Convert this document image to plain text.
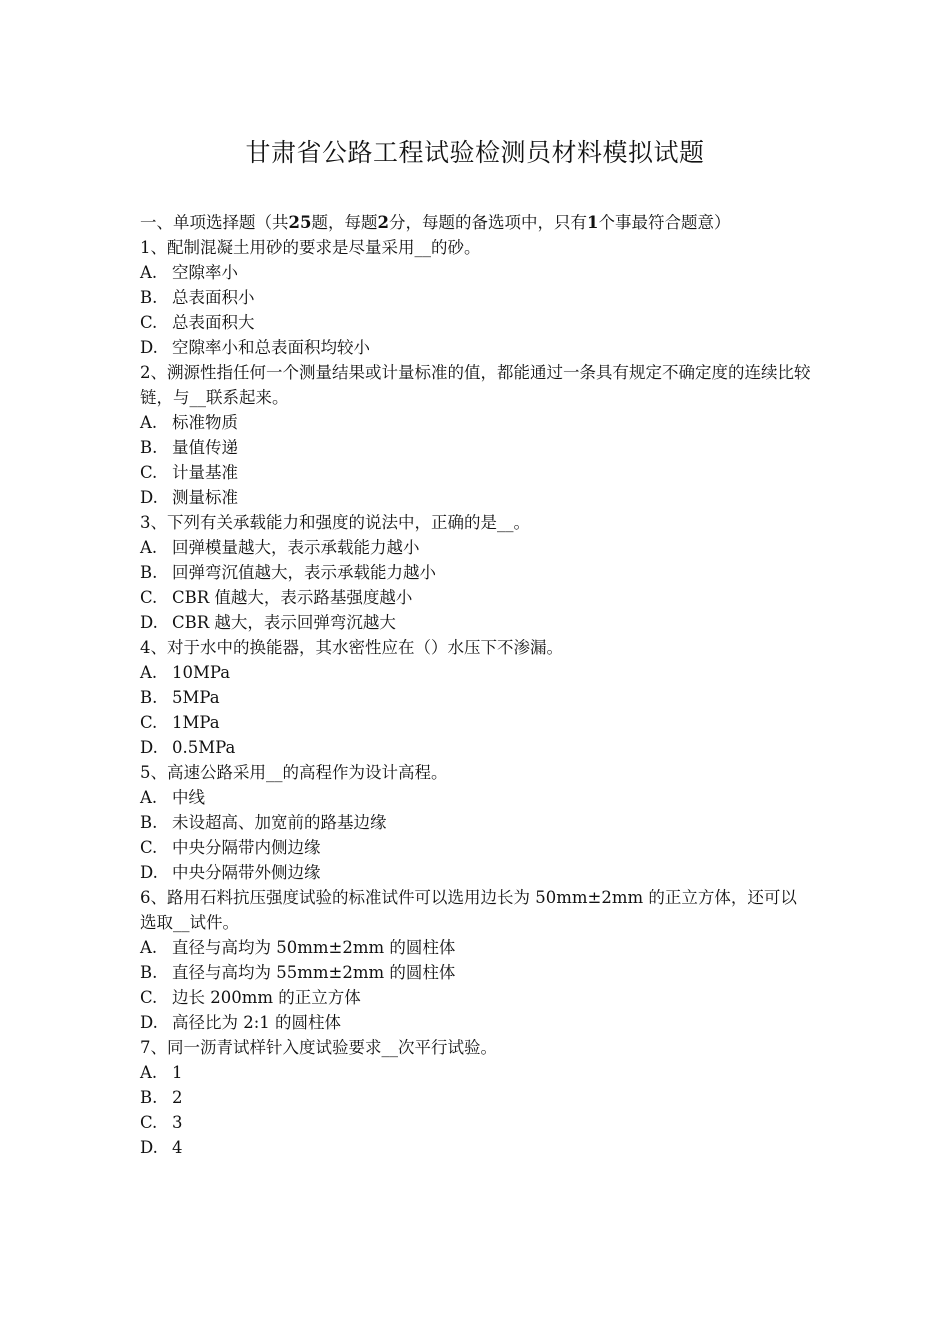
甘肃省公路工程试验检测员材料模拟试题

一、单项选择题（共25题，每题2分，每题的备选项中，只有1个事最符合题意）

1、配制混凝土用砂的要求是尽量采用__的砂。

A. 空隙率小

B. 总表面积小

C. 总表面积大

D. 空隙率小和总表面积均较小

2、溯源性指任何一个测量结果或计量标准的值，都能通过一条具有规定不确定度的连续比较链，与__联系起来。

A. 标准物质

B. 量值传递

C. 计量基准

D. 测量标准

3、下列有关承载能力和强度的说法中，正确的是__。

A. 回弹模量越大，表示承载能力越小

B. 回弹弯沉值越大，表示承载能力越小

C. CBR 值越大，表示路基强度越小

D. CBR 越大，表示回弹弯沉越大

4、对于水中的换能器，其水密性应在（）水压下不渗漏。

A. 10MPa

B. 5MPa

C. 1MPa

D. 0.5MPa

5、高速公路采用__的高程作为设计高程。

A. 中线

B. 未设超高、加宽前的路基边缘

C. 中央分隔带内侧边缘

D. 中央分隔带外侧边缘

6、路用石料抗压强度试验的标准试件可以选用边长为 50mm±2mm 的正立方体，还可以选取__试件。

A. 直径与高均为 50mm±2mm 的圆柱体

B. 直径与高均为 55mm±2mm 的圆柱体

C. 边长 200mm 的正立方体

D. 高径比为 2:1 的圆柱体

7、同一沥青试样针入度试验要求__次平行试验。

A. 1

B. 2

C. 3

D. 4
